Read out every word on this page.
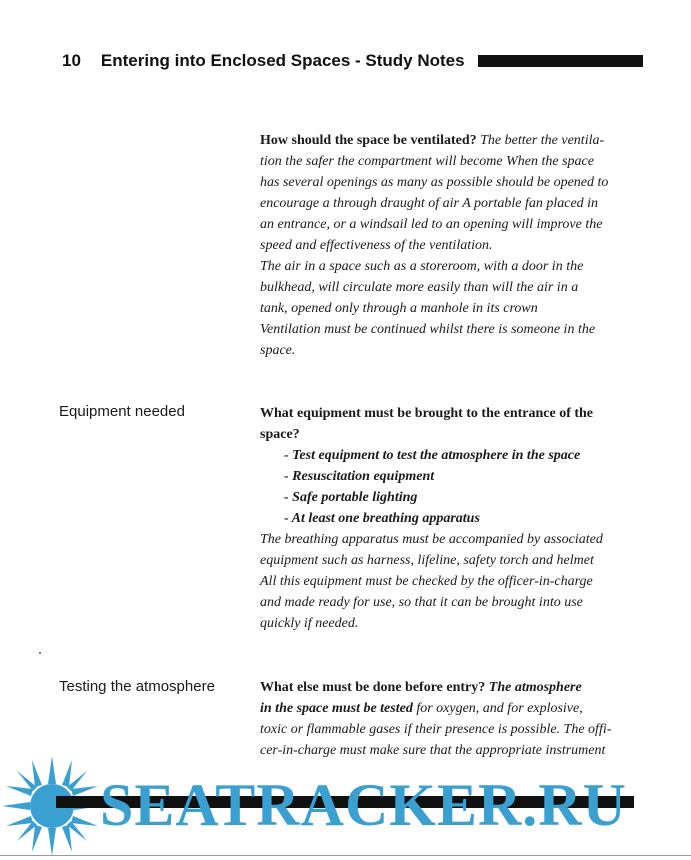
10 Entering into Enclosed Spaces - Study Notes

How should the space be ventilated? The better the ventila-

tion the safer the compartment will become When the space

has several openings as many as possible should be opened to

encourage a through draught of air A portable fan placed in

an entrance, or a windsail led to an opening will improve the

speed and effectiveness of the ventilation.

The air in a space such as a storeroom, with a door in the

bulkhead, will circulate more easily than will the air in a

tank, opened only through a manhole in its crown

Ventilation must be continued whilst there is someone in the

space.

Equipment needed	What equipment must be brought to the entrance of the

space?

- Test equipment to test the atmosphere in the space
- Resuscitation equipment
- Safe portable lighting
- At least one breathing apparatus

The breathing apparatus must be accompanied by associated

equipment such as harness, lifeline, safety torch and helmet

All this equipment must be checked by the officer-in-charge

and made ready for use, so that it can be brought into use

quickly if needed.

Testing the atmosphere	What else must be done before entry? The atmosphere

in the space must be tested for oxygen, and for explosive,

toxic or flammable gases if their presence is possible. The offi-

cer-in-charge must make sure that the appropriate instrument

SEATRACKER.RU
